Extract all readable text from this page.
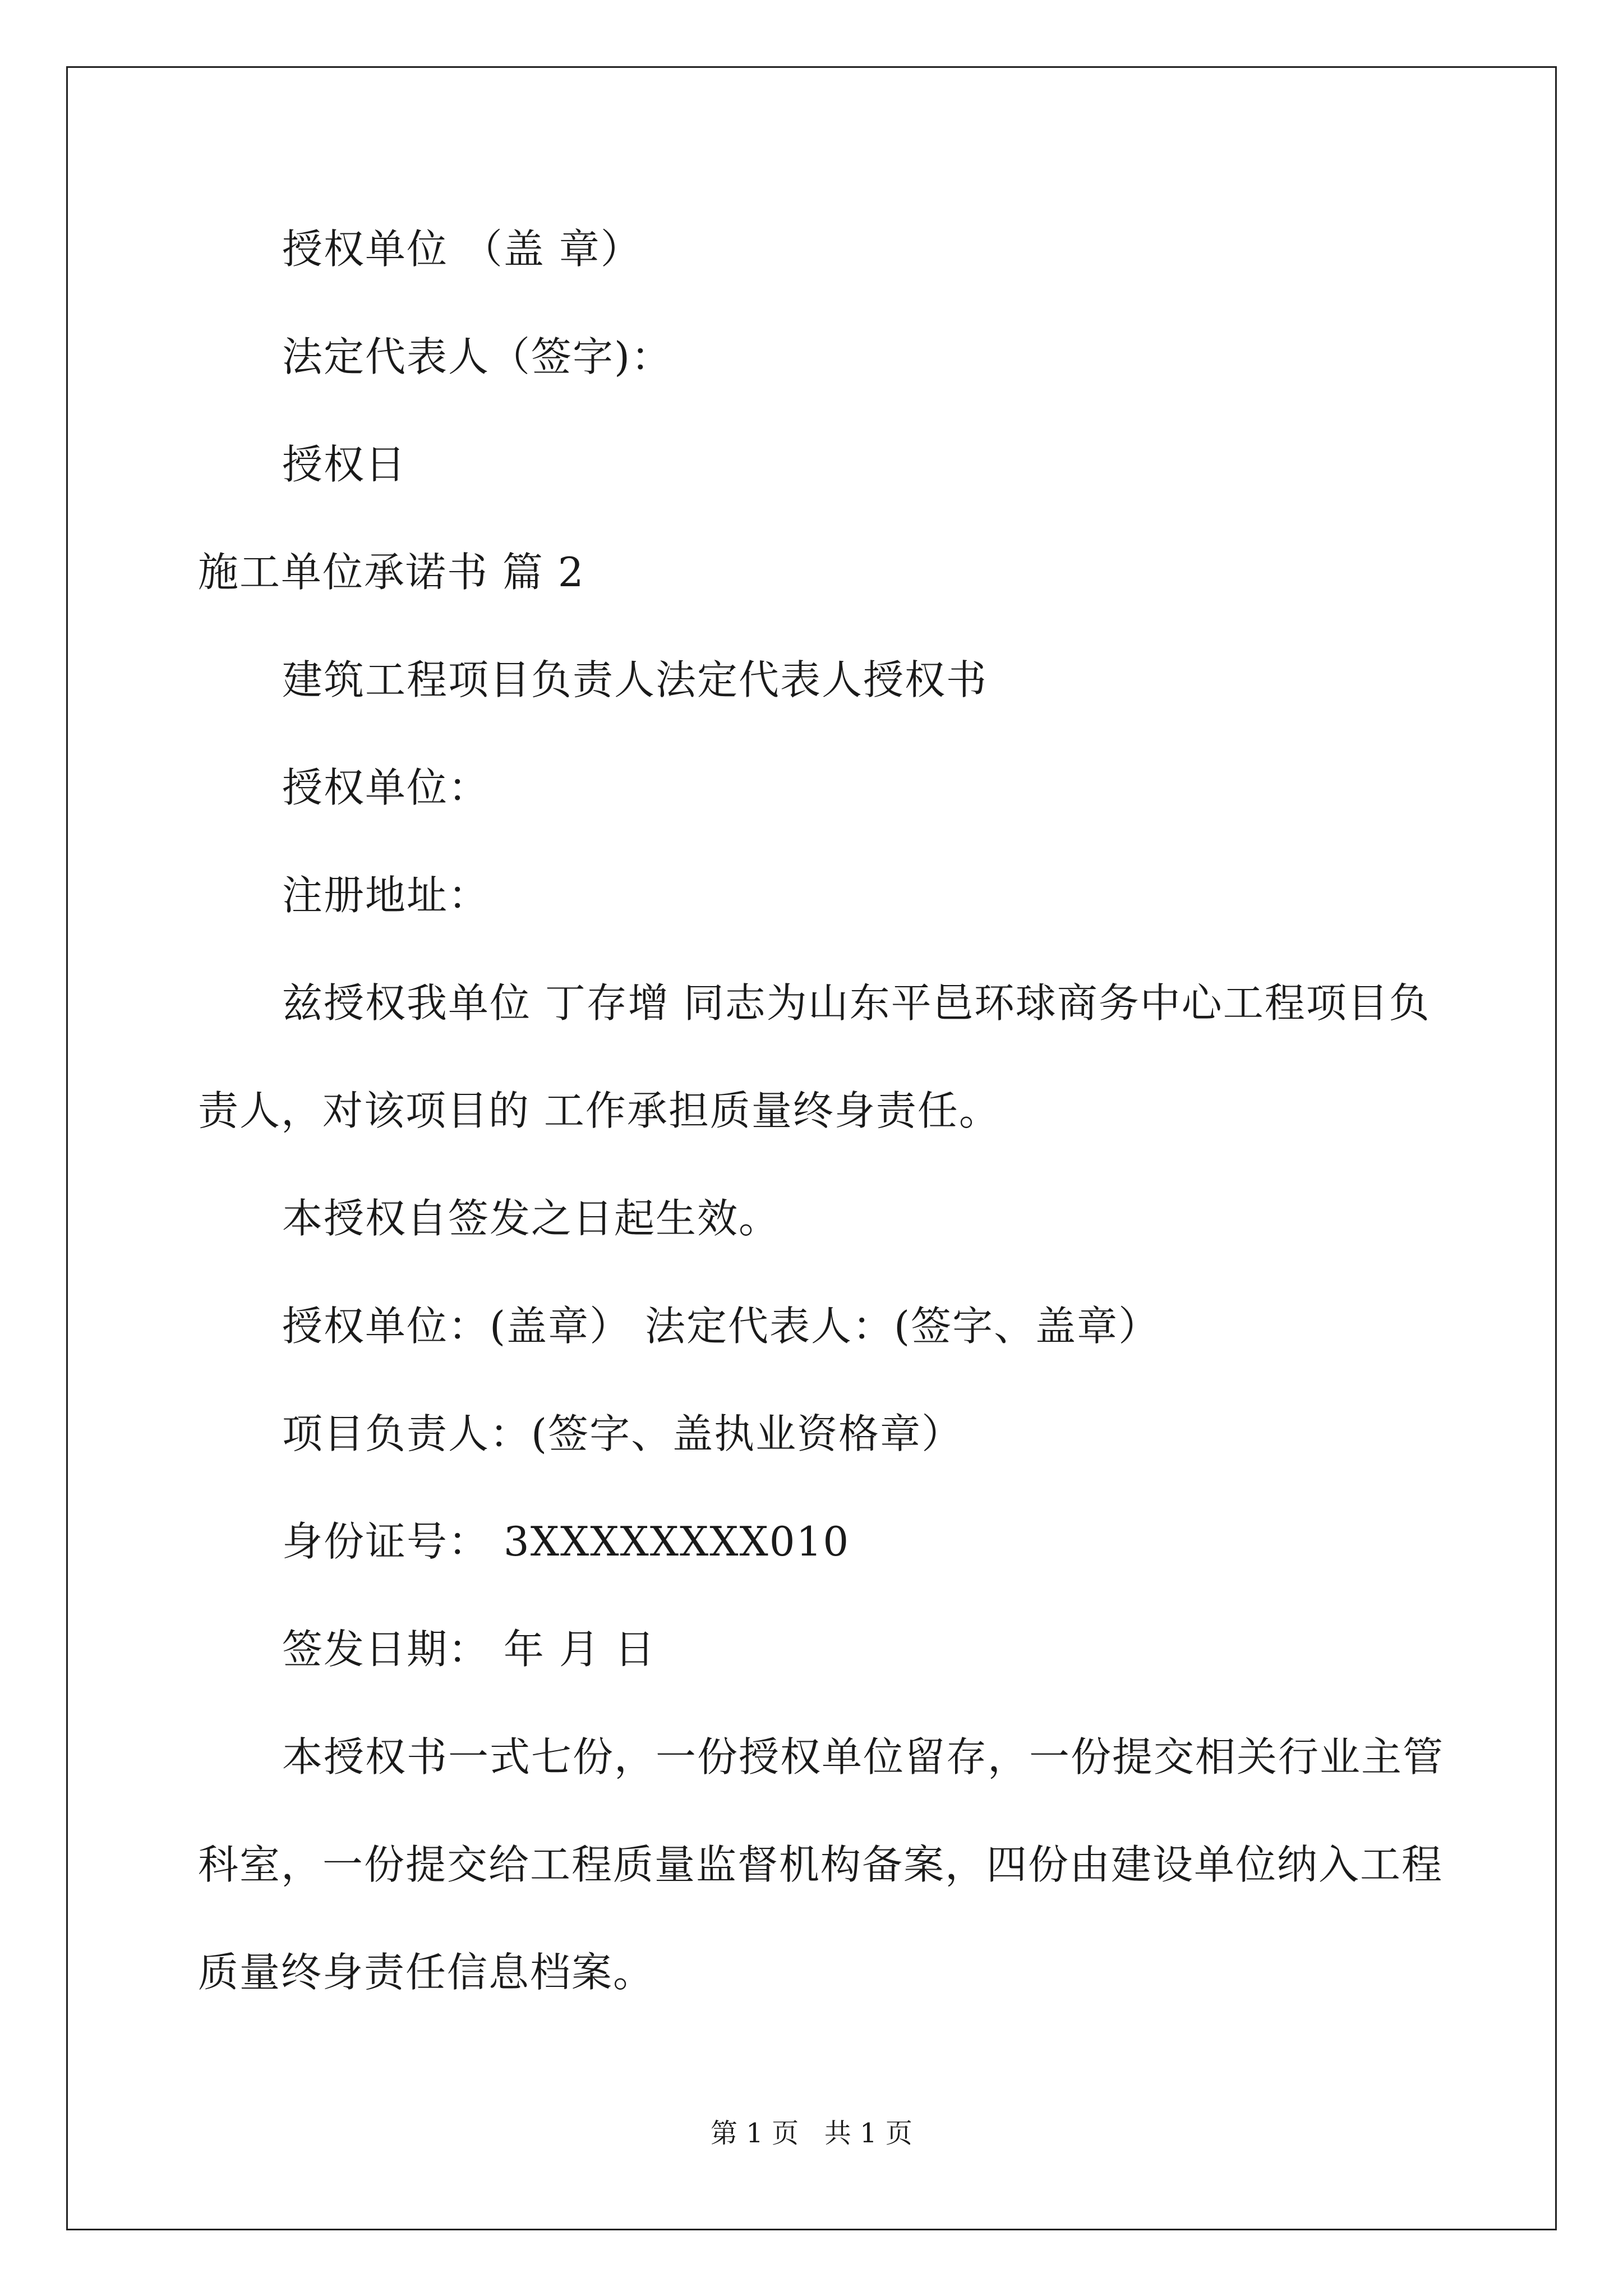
授权单位 （盖 章）
法定代表人（签字)：
授权日
施工单位承诺书 篇 2
建筑工程项目负责人法定代表人授权书
授权单位：
注册地址：
兹授权我单位 丁存增 同志为山东平邑环球商务中心工程项目负
责人，对该项目的 工作承担质量终身责任。
本授权自签发之日起生效。
授权单位：(盖章） 法定代表人：(签字、盖章）
项目负责人：(签字、盖执业资格章）
身份证号： 3XXXXXXXX010
签发日期： 年 月 日
本授权书一式七份，一份授权单位留存，一份提交相关行业主管
科室，一份提交给工程质量监督机构备案，四份由建设单位纳入工程
质量终身责任信息档案。
第 1 页   共 1 页
